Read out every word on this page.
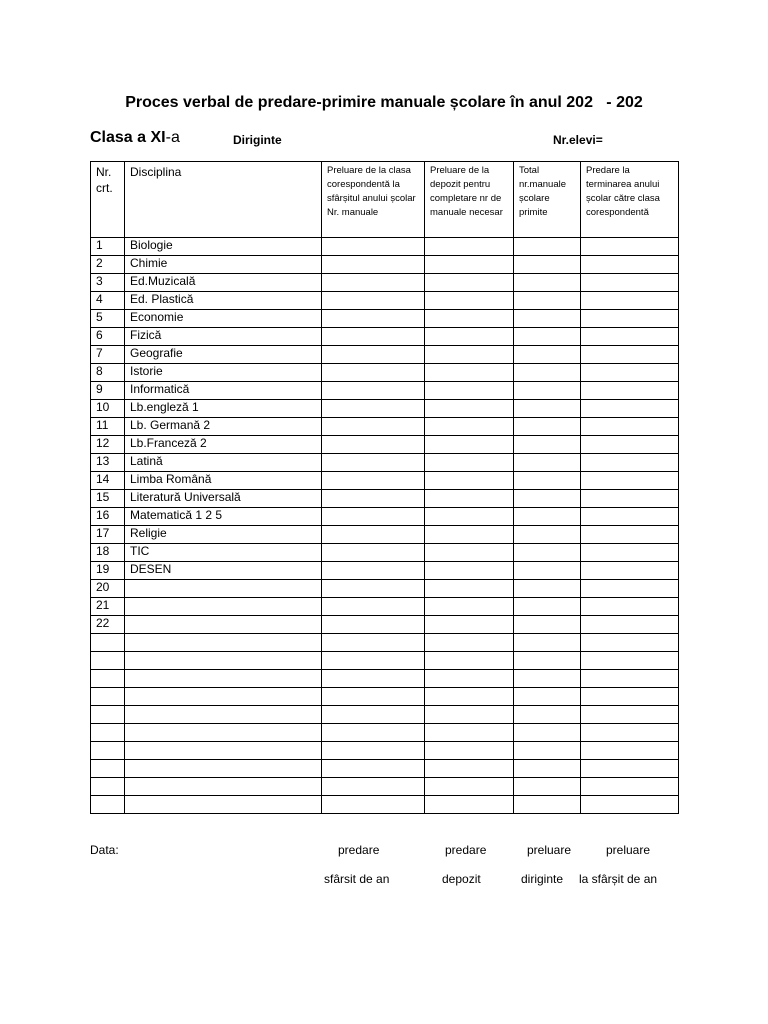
Proces verbal de predare-primire manuale școlare în anul 202   - 202
Clasa a XI-a	Diriginte	Nr.elevi=
Nr. crt.	Disciplina	Preluare de la clasa corespondentă la sfârșitul anului școlar Nr. manuale	Preluare de la depozit pentru completare nr de manuale necesar	Total nr.manuale școlare primite	Predare la terminarea anului școlar către clasa corespondentă
1	Biologie				
2	Chimie				
3	Ed.Muzicală				
4	Ed. Plastică				
5	Economie				
6	Fizică				
7	Geografie				
8	Istorie				
9	Informatică				
10	Lb.engleză 1				
11	Lb. Germană 2				
12	Lb.Franceză 2				
13	Latină				
14	Limba Română				
15	Literatură Universală				
16	Matematică 1 2 5				
17	Religie				
18	TIC				
19	DESEN				
20					
21					
22					

Data:	predare
sfârsit de an
predare
depozit
preluare
diriginte
preluare
la sfârșit de an
